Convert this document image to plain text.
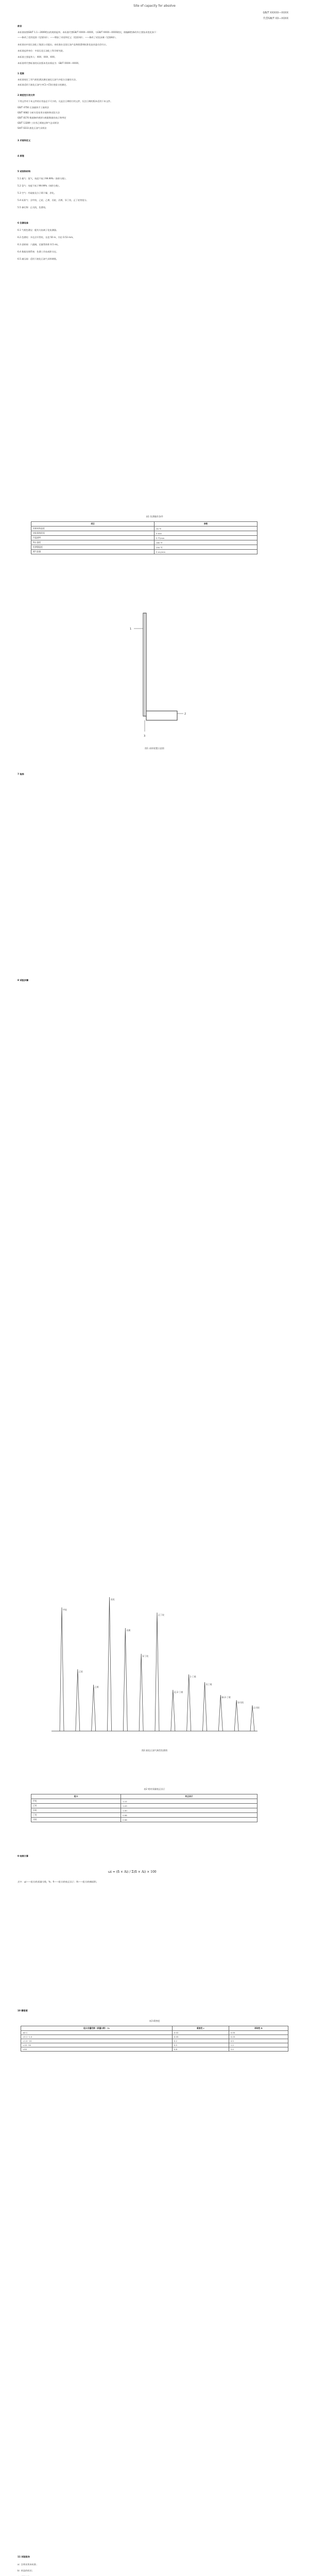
Site of capacity for absolve
GB/T XXXXX—XXXX
代替GB/T XX—XXXX
前言
本标准按照GB/T 1.1—2009给出的规则起草。本标准代替GB/T XXXX—XXXX，与GB/T XXXX—XXXX相比，除编辑性修改外主要技术变化如下：
——修改了适用范围（见第1章）；——增加了术语和定义（见第3章）；——修改了试验步骤（见第8章）。
本标准由中国石油化工集团公司提出。本标准由全国石油产品和润滑剂标准化技术委员会归口。
本标准起草单位：中国石化石油化工科学研究院。
本标准主要起草人：XXX、XXX、XXX。
本标准所代替标准的历次版本发布情况为：GB/T XXXX—XXXX。
1 范围
本标准规定了用气相色谱法测定液化石油气中组分含量的方法。
本标准适用于液化石油气中C1~C5烃类组分的测定。
2 规范性引用文件
下列文件对于本文件的应用是必不可少的。凡是注日期的引用文件，仅注日期的版本适用于本文件。
GB/T 4756 石油液体手工取样法
GB/T 6682 分析实验室用水规格和试验方法
GB/T 8170 数值修约规则与极限数值的表示和判定
GB/T 13289 工业用乙烯液态和气态采样法
SH/T 0233 液化石油气采样法
3 术语和定义
4 原理
5 试剂和材料
5.1 载气：氦气，纯度不低于99.99%（体积分数）。
5.2 氢气：纯度不低于99.99%（体积分数）。
5.3 空气：经硅胶及分子筛干燥、净化。
5.4 标准气：含甲烷、乙烷、乙烯、丙烷、丙烯、异丁烷、正丁烷等组分。
5.5 参比物：正戊烷，色谱纯。
6 仪器设备
6.1 气相色谱仪：配有火焰离子化检测器。
6.2 色谱柱：多孔层开管柱，长度 50 m，内径 0.53 mm。
6.3 进样阀：六通阀，定量管体积 0.5 mL。
6.4 数据处理系统：色谱工作站或积分仪。
6.5 减压阀：适用于液化石油气采样钢瓶。
表1 色谱操作条件
项目	参数
柱箱初始温度	35 ℃
初始保持时间	5 min
升温速率	5 ℃/min
终止温度	180 ℃
检测器温度	250 ℃
载气流量	5 mL/min
1
2
3
图1 采样装置示意图
7 取样
8 试验步骤
甲烷
乙烷
乙烯
丙烷
丙烯
异丁烷
正丁烷
反-2-丁烯
1-丁烯
异丁烯
顺-2-丁烯
异戊烷
正戊烷
图2 液化石油气典型色谱图
表2 相对质量校正因子
组分	校正因子
甲烷	1.12
乙烷	1.03
丙烷	1.00
丁烷	0.98
戊烷	0.96
9 结果计算
ωi = (fi × Ai) / Σ(fi × Ai) × 100
式中：ωi——组分i的质量分数，%；fi——组分i的校正因子；Ai——组分i的峰面积。
10 精密度
表3 精密度
组分含量范围（质量分数）/%	重复性 r	再现性 R
≤0.1	0.02	0.05
>0.1~1.0	0.05	0.15
>1.0~10	0.2	0.5
>10~50	0.5	1.2
>50	0.8	2.0
11 试验报告
a）注明采用本标准；
b）样品的标识；
